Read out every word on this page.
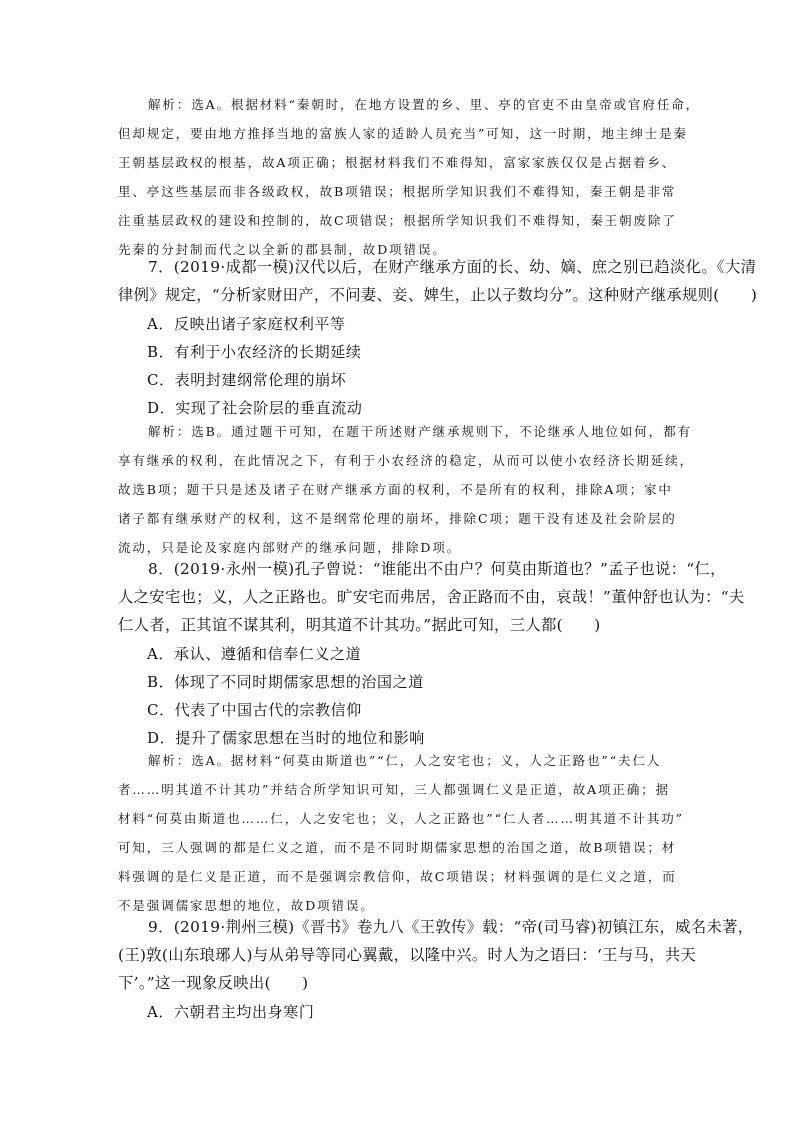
解析：选A。根据材料“秦朝时，在地方设置的乡、里、亭的官吏不由皇帝或官府任命，
但却规定，要由地方推择当地的富族人家的适龄人员充当”可知，这一时期，地主绅士是秦
王朝基层政权的根基，故A项正确；根据材料我们不难得知，富家家族仅仅是占据着乡、
里、亭这些基层而非各级政权，故B项错误；根据所学知识我们不难得知，秦王朝是非常
注重基层政权的建设和控制的，故C项错误；根据所学知识我们不难得知，秦王朝废除了
先秦的分封制而代之以全新的郡县制，故D项错误。
7．(2019·成都一模)汉代以后，在财产继承方面的长、幼、嫡、庶之别已趋淡化。《大清
律例》规定，“分析家财田产，不问妻、妾、婢生，止以子数均分”。这种财产继承规则(　　)
A．反映出诸子家庭权利平等
B．有利于小农经济的长期延续
C．表明封建纲常伦理的崩坏
D．实现了社会阶层的垂直流动
解析：选B。通过题干可知，在题干所述财产继承规则下，不论继承人地位如何，都有
享有继承的权利，在此情况之下，有利于小农经济的稳定，从而可以使小农经济长期延续，
故选B项；题干只是述及诸子在财产继承方面的权利，不是所有的权利，排除A项；家中
诸子都有继承财产的权利，这不是纲常伦理的崩坏，排除C项；题干没有述及社会阶层的
流动，只是论及家庭内部财产的继承问题，排除D项。
8．(2019·永州一模)孔子曾说：“谁能出不由户？何莫由斯道也？”孟子也说：“仁，
人之安宅也；义，人之正路也。旷安宅而弗居，舍正路而不由，哀哉！”董仲舒也认为：“夫
仁人者，正其谊不谋其利，明其道不计其功。”据此可知，三人都(　　)
A．承认、遵循和信奉仁义之道
B．体现了不同时期儒家思想的治国之道
C．代表了中国古代的宗教信仰
D．提升了儒家思想在当时的地位和影响
解析：选A。据材料“何莫由斯道也”“仁，人之安宅也；义，人之正路也”“夫仁人
者……明其道不计其功”并结合所学知识可知，三人都强调仁义是正道，故A项正确；据
材料“何莫由斯道也……仁，人之安宅也；义，人之正路也”“仁人者……明其道不计其功”
可知，三人强调的都是仁义之道，而不是不同时期儒家思想的治国之道，故B项错误；材
料强调的是仁义是正道，而不是强调宗教信仰，故C项错误；材料强调的是仁义之道，而
不是强调儒家思想的地位，故D项错误。
9．(2019·荆州三模)《晋书》卷九八《王敦传》载：“帝(司马睿)初镇江东，威名未著，
(王)敦(山东琅琊人)与从弟导等同心翼戴，以隆中兴。时人为之语曰：‘王与马，共天
下’。”这一现象反映出(　　)
A．六朝君主均出身寒门
